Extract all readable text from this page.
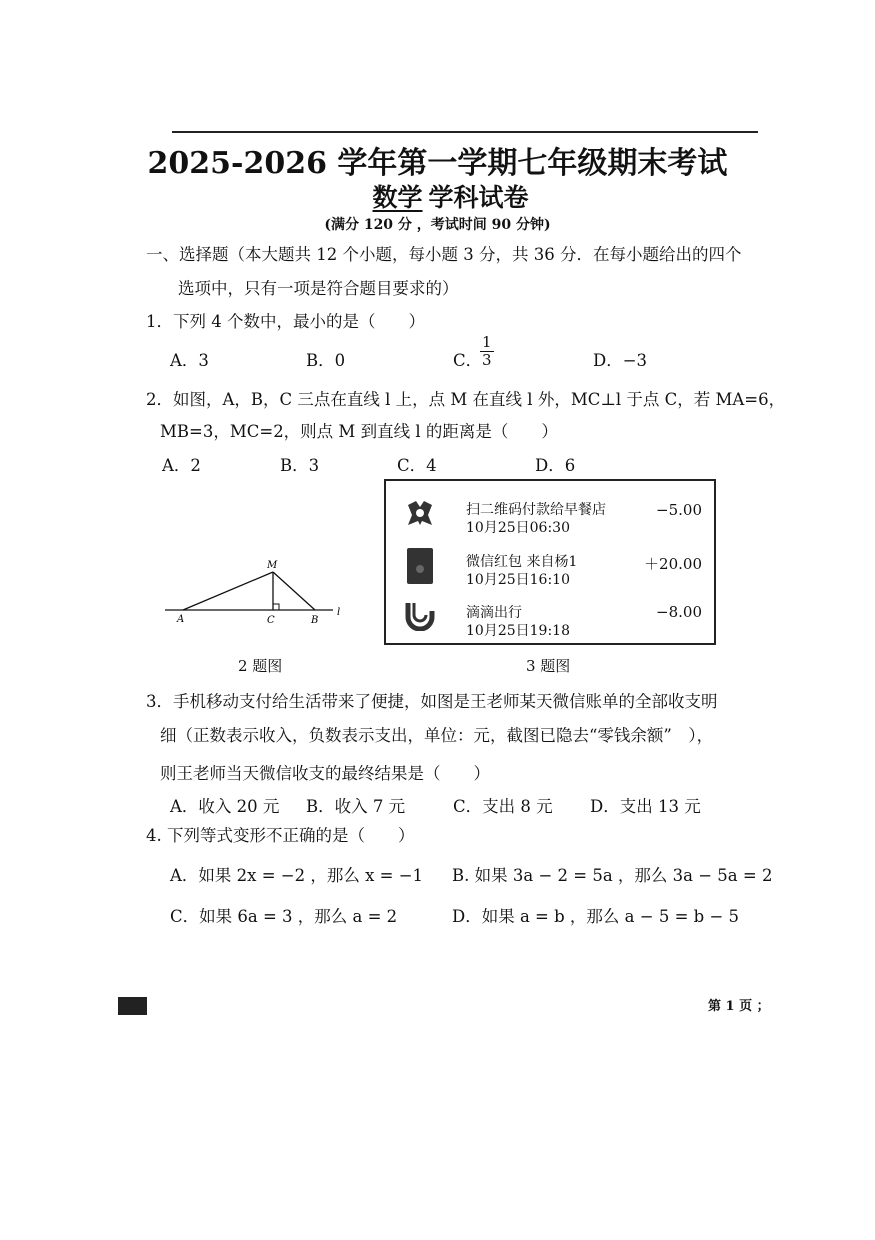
2025-2026 学年第一学期七年级期末考试
数学 学科试卷
(满分 120 分 ，考试时间 90 分钟)
一、选择题（本大题共 12 个小题，每小题 3 分，共 36 分．在每小题给出的四个
选项中，只有一项是符合题目要求的）
1．下列 4 个数中，最小的是（　　）
A．3	B．0	C．
$\frac{1}{3}$	D．−3
2．如图，A，B，C 三点在直线 l 上，点 M 在直线 l 外，MC⊥l 于点 C，若 MA=6，
MB=3，MC=2，则点 M 到直线 l 的距离是（　　）
A．2	B．3	C．4	D．6
M
A	C	B
l
2 题图
扫二维码付款给早餐店
10月25日06:30
−5.00
微信红包 来自杨1
10月25日16:10
＋20.00
滴滴出行
10月25日19:18
−8.00
3 题图
3．手机移动支付给生活带来了便捷，如图是王老师某天微信账单的全部收支明
细（正数表示收入，负数表示支出，单位：元，截图已隐去“零钱余额”　），
则王老师当天微信收支的最终结果是（　　）
A．收入 20 元 B．收入 7 元	C．支出 8 元 D．支出 13 元
4. 下列等式变形不正确的是（　　）
A．如果 2x = −2 ，那么 x = −1 B. 如果 3a − 2 = 5a ，那么 3a − 5a = 2
C．如果 6a = 3 ，那么 a = 2	D．如果 a = b ，那么 a − 5 = b − 5
第 1 页 ；
